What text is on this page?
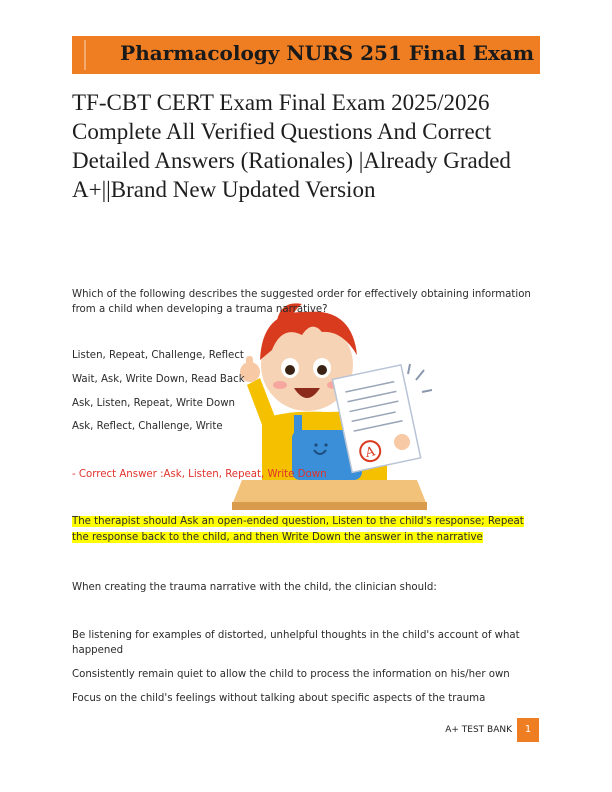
Pharmacology NURS 251 Final Exam
TF-CBT CERT Exam Final Exam 2025/2026 Complete All Verified Questions And Correct Detailed Answers (Rationales) |Already Graded A+||Brand New Updated Version
A
Which of the following describes the suggested order for effectively obtaining information from a child when developing a trauma narrative?
Listen, Repeat, Challenge, Reflect
Wait, Ask, Write Down, Read Back
Ask, Listen, Repeat, Write Down
Ask, Reflect, Challenge, Write
- Correct Answer :Ask, Listen, Repeat, Write Down
The therapist should Ask an open-ended question, Listen to the child's response; Repeat the response back to the child, and then Write Down the answer in the narrative
When creating the trauma narrative with the child, the clinician should:
Be listening for examples of distorted, unhelpful thoughts in the child's account of what happened
Consistently remain quiet to allow the child to process the information on his/her own
Focus on the child's feelings without talking about specific aspects of the trauma
A+ TEST BANK	1
